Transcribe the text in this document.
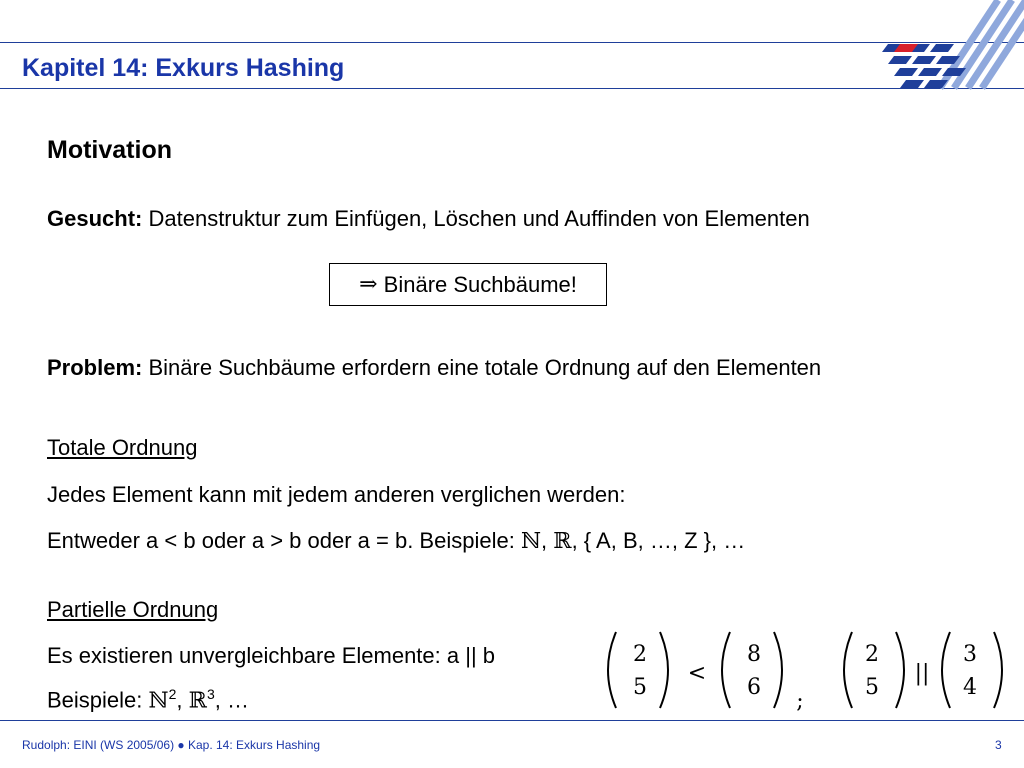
Kapitel 14: Exkurs Hashing
Motivation
Gesucht: Datenstruktur zum Einfügen, Löschen und Auffinden von Elementen
⇒
Binäre Suchbäume!
Problem: Binäre Suchbäume erfordern eine totale Ordnung auf den Elementen
Totale Ordnung
Jedes Element kann mit jedem anderen verglichen werden:
Entweder a < b oder a > b oder a = b. Beispiele: ℕ, ℝ, { A, B, …, Z }, …
Partielle Ordnung
Es existieren unvergleichbare Elemente: a || b
Beispiele: ℕ$^2$, ℝ$^3$, …
2
5
<
8
6
;
2
5
||
3
4
Rudolph: EINI (WS 2005/06) ● Kap. 14: Exkurs Hashing	3
